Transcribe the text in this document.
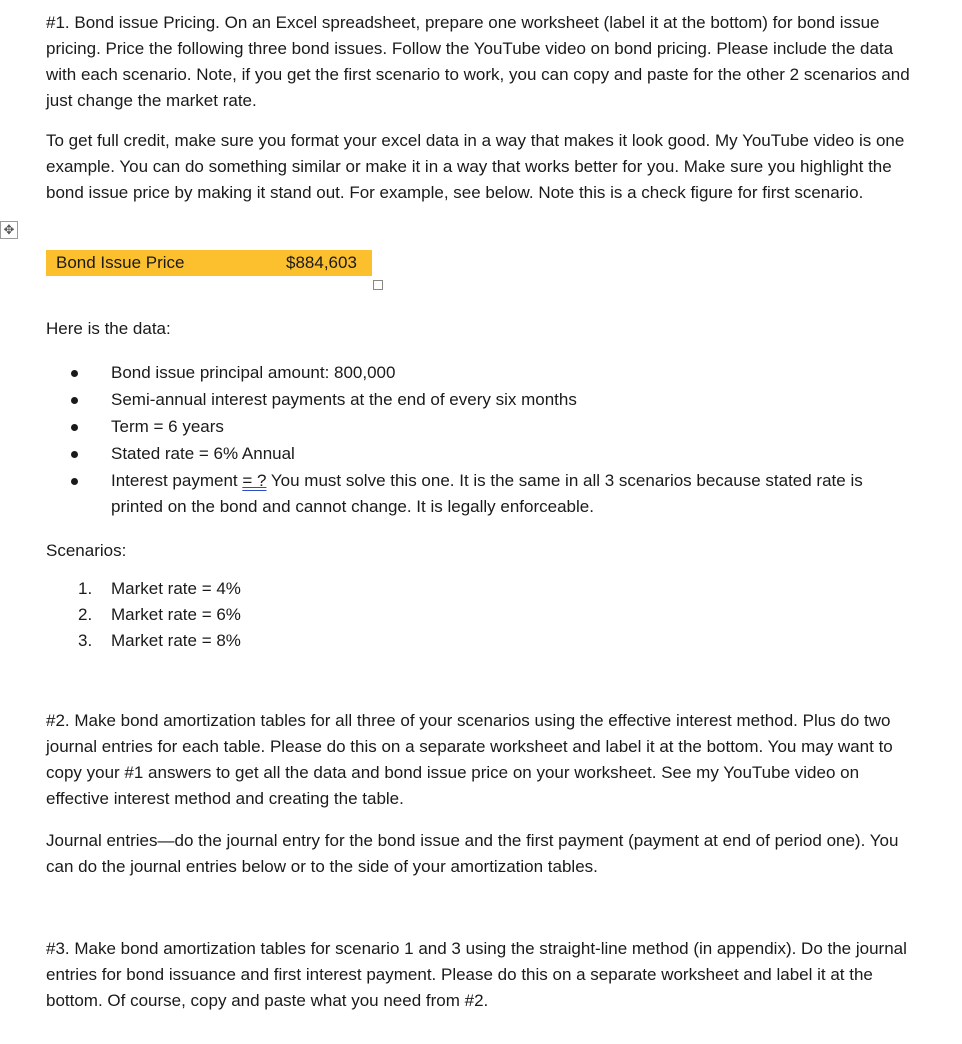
✥

#1. Bond issue Pricing. On an Excel spreadsheet, prepare one worksheet (label it at the bottom) for bond issue pricing. Price the following three bond issues. Follow the YouTube video on bond pricing. Please include the data with each scenario. Note, if you get the first scenario to work, you can copy and paste for the other 2 scenarios and just change the market rate.

To get full credit, make sure you format your excel data in a way that makes it look good. My YouTube video is one example. You can do something similar or make it in a way that works better for you. Make sure you highlight the bond issue price by making it stand out. For example, see below. Note this is a check figure for first scenario.

Bond Issue Price	$884,603

Here is the data:

Bond issue principal amount: 800,000
Semi-annual interest payments at the end of every six months
Term = 6 years
Stated rate = 6% Annual
Interest payment = ? You must solve this one. It is the same in all 3 scenarios because stated rate is printed on the bond and cannot change. It is legally enforceable.

Scenarios:

1. Market rate = 4%
2. Market rate = 6%
3. Market rate = 8%

#2. Make bond amortization tables for all three of your scenarios using the effective interest method. Plus do two journal entries for each table. Please do this on a separate worksheet and label it at the bottom. You may want to copy your #1 answers to get all the data and bond issue price on your worksheet. See my YouTube video on effective interest method and creating the table.

Journal entries—do the journal entry for the bond issue and the first payment (payment at end of period one). You can do the journal entries below or to the side of your amortization tables.

#3. Make bond amortization tables for scenario 1 and 3 using the straight-line method (in appendix). Do the journal entries for bond issuance and first interest payment. Please do this on a separate worksheet and label it at the bottom. Of course, copy and paste what you need from #2.
